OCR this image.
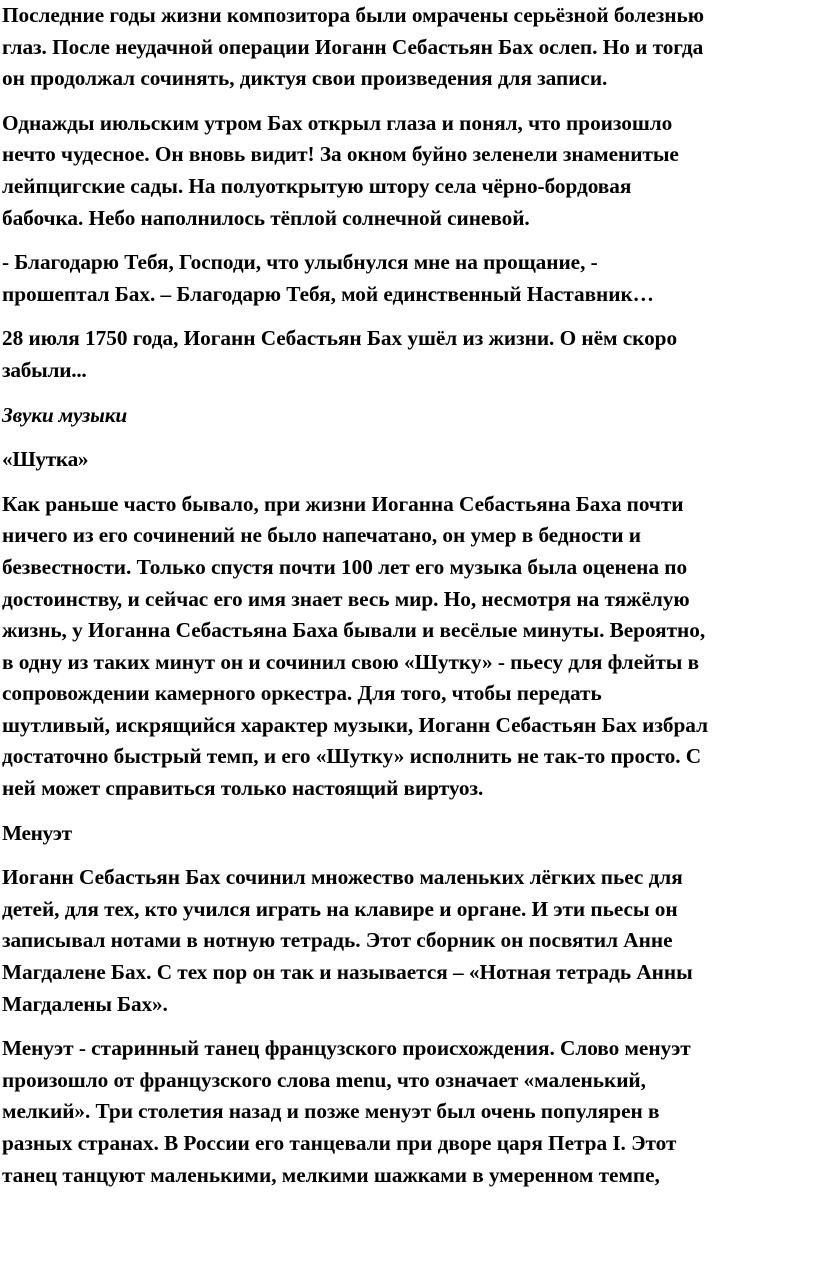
Последние годы жизни композитора были омрачены серьёзной болезнью
глаз. После неудачной операции Иоганн Себастьян Бах ослеп. Но и тогда
он продолжал сочинять, диктуя свои произведения для записи.

Однажды июльским утром Бах открыл глаза и понял, что произошло
нечто чудесное. Он вновь видит! За окном буйно зеленели знаменитые
лейпцигские сады. На полуоткрытую штору села чёрно-бордовая
бабочка. Небо наполнилось тёплой солнечной синевой.

- Благодарю Тебя, Господи, что улыбнулся мне на прощание, -
прошептал Бах. – Благодарю Тебя, мой единственный Наставник…

28 июля 1750 года, Иоганн Себастьян Бах ушёл из жизни. О нём скоро
забыли...

Звуки музыки

«Шутка»

Как раньше часто бывало, при жизни Иоганна Себастьяна Баха почти
ничего из его сочинений не было напечатано, он умер в бедности и
безвестности. Только спустя почти 100 лет его музыка была оценена по
достоинству, и сейчас его имя знает весь мир. Но, несмотря на тяжёлую
жизнь, у Иоганна Себастьяна Баха бывали и весёлые минуты. Вероятно,
в одну из таких минут он и сочинил свою «Шутку» - пьесу для флейты в
сопровождении камерного оркестра. Для того, чтобы передать
шутливый, искрящийся характер музыки, Иоганн Себастьян Бах избрал
достаточно быстрый темп, и его «Шутку» исполнить не так-то просто. С
ней может справиться только настоящий виртуоз.

Менуэт

Иоганн Себастьян Бах сочинил множество маленьких лёгких пьес для
детей, для тех, кто учился играть на клавире и органе. И эти пьесы он
записывал нотами в нотную тетрадь. Этот сборник он посвятил Анне
Магдалене Бах. С тех пор он так и называется – «Нотная тетрадь Анны
Магдалены Бах».

Менуэт - старинный танец французского происхождения. Слово менуэт
произошло от французского слова menu, что означает «маленький,
мелкий». Три столетия назад и позже менуэт был очень популярен в
разных странах. В России его танцевали при дворе царя Петра I. Этот
танец танцуют маленькими, мелкими шажками в умеренном темпе,
